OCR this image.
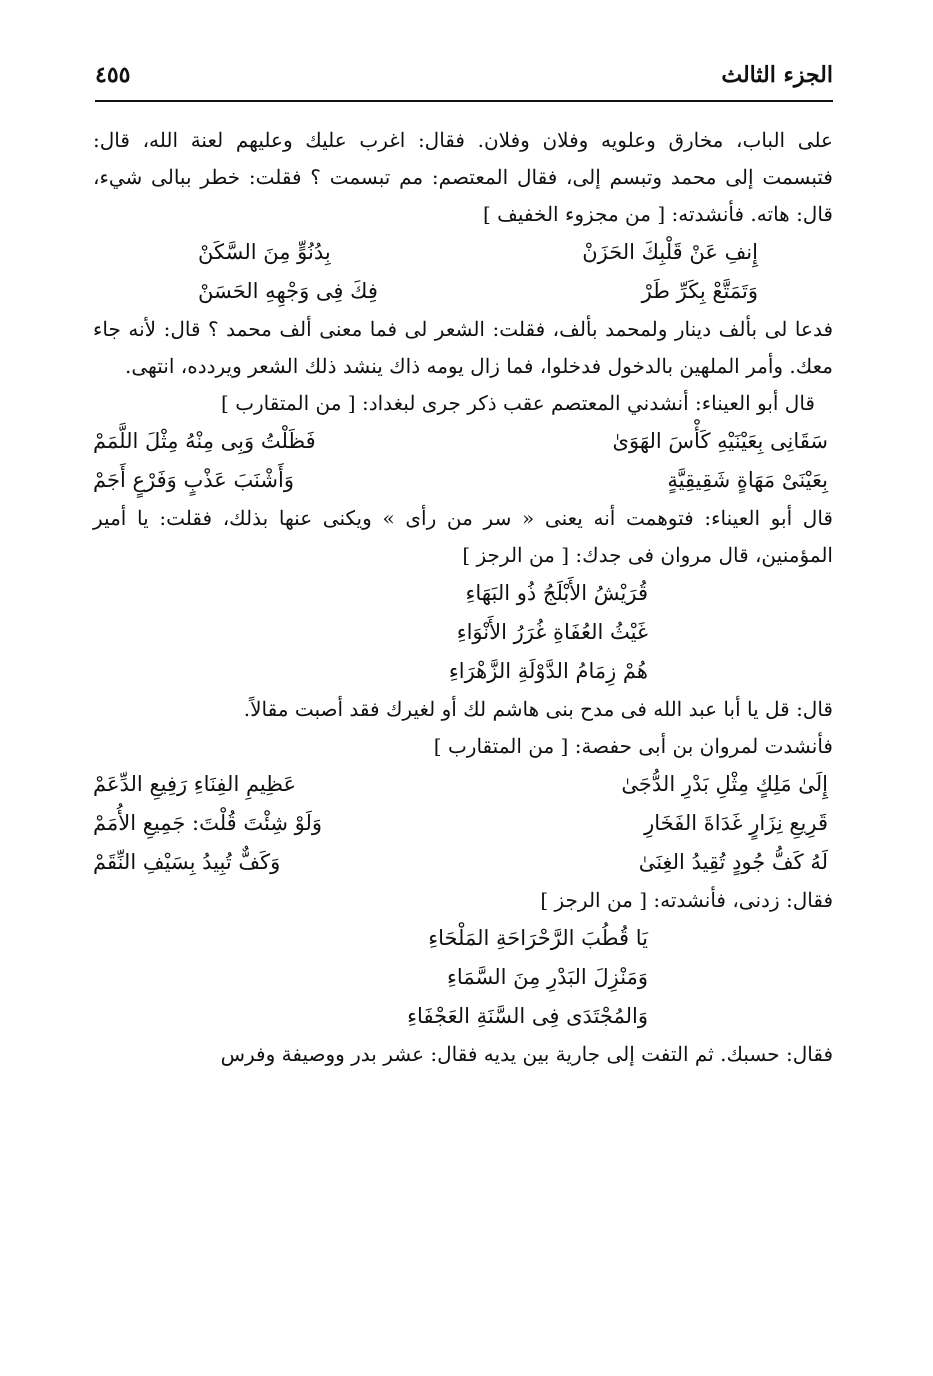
الجزء الثالث
٤٥٥
على الباب، مخارق وعلويه وفلان وفلان. فقال: اغرب عليك وعليهم لعنة الله، قال: فتبسمت إلى محمد وتبسم إلى، فقال المعتصم: مم تبسمت ؟ فقلت: خطر ببالى شيء، قال: هاته. فأنشدته: [ من مجزوء الخفيف ]
إِنفِ عَنْ قَلْبِكَ الحَزَنْ
بِدُنُوٍّ مِنَ السَّكَنْ
وَتَمَتَّعْ بِكَرِّ طَرْ
فِكَ فِى وَجْهِهِ الحَسَنْ
فدعا لى بألف دينار ولمحمد بألف، فقلت: الشعر لى فما معنى ألف محمد ؟ قال: لأنه جاء معك. وأمر الملهين بالدخول فدخلوا، فما زال يومه ذاك ينشد ذلك الشعر ويردده، انتهى.
قال أبو العيناء: أنشدني المعتصم عقب ذكر جرى لبغداد: [ من المتقارب ]
سَقَانِى بِعَيْنَيْهِ كَأْسَ الهَوَىٰ
فَظَلْتُ وَبِى مِنْهُ مِثْلَ اللَّمَمْ
بِعَيْنَىْ مَهَاةٍ شَقِيقِيَّةٍ
وَأَشْنَبَ عَذْبٍ وَفَرْعٍ أَجَمْ
قال أبو العيناء: فتوهمت أنه يعنى « سر من رأى » ويكنى عنها بذلك، فقلت: يا أمير المؤمنين، قال مروان فى جدك: [ من الرجز ]
قُرَيْشُ الأَبْلَجُ ذُو البَهَاءِ
غَيْثُ العُفَاةِ غُرَرُ الأَنْوَاءِ
هُمْ زِمَامُ الدَّوْلَةِ الزَّهْرَاءِ
قال: قل يا أبا عبد الله فى مدح بنى هاشم لك أو لغيرك فقد أصبت مقالاً.
فأنشدت لمروان بن أبى حفصة: [ من المتقارب ]
إِلَىٰ مَلِكٍ مِثْلِ بَدْرِ الدُّجَىٰ
عَظِيمِ الفِنَاءِ رَفِيعِ الدِّعَمْ
قَرِيعِ نِزَارٍ غَدَاةَ الفَخَارِ
وَلَوْ شِئْتَ قُلْتَ: جَمِيعِ الأُمَمْ
لَهُ كَفُّ جُودٍ تُقِيدُ الغِنَىٰ
وَكَفٌّ تُبِيدُ بِسَيْفِ النِّقَمْ
فقال: زدنى، فأنشدته: [ من الرجز ]
يَا قُطُبَ الرَّحْرَاحَةِ المَلْحَاءِ
وَمَنْزِلَ البَدْرِ مِنَ السَّمَاءِ
وَالمُجْتَدَى فِى السَّنَةِ العَجْفَاءِ
فقال: حسبك. ثم التفت إلى جارية بين يديه فقال: عشر بدر ووصيفة وفرس
